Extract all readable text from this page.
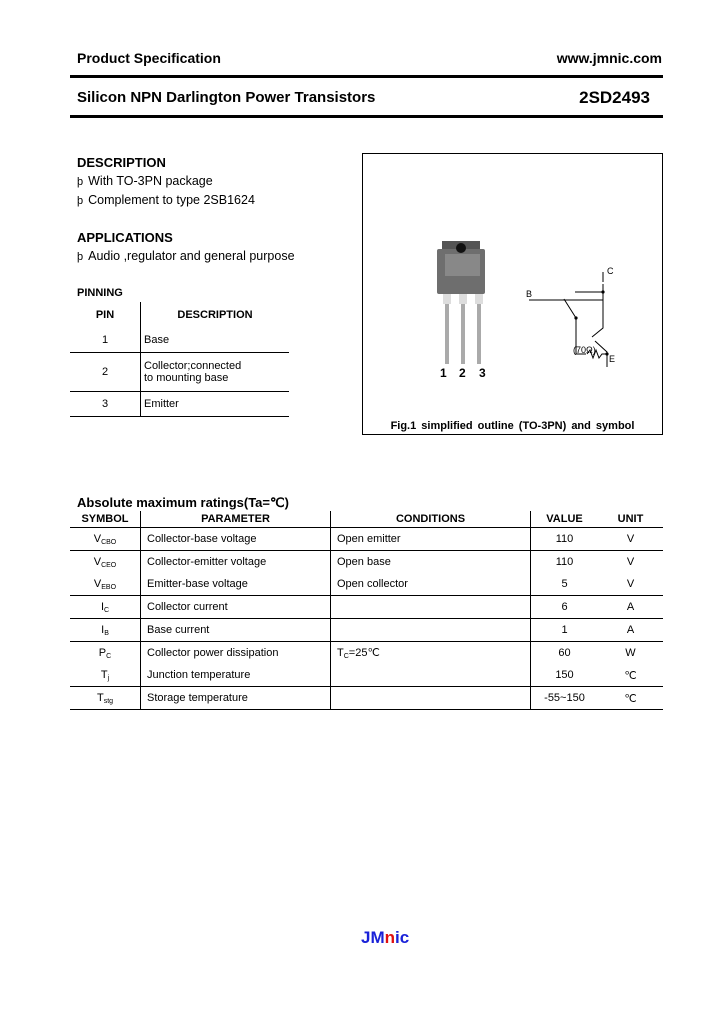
Product Specification	www.jmnic.com
Silicon NPN Darlington Power Transistors	2SD2493
DESCRIPTION
þ With TO-3PN package
þ Complement to type 2SB1624
APPLICATIONS
þ Audio ,regulator and general purpose
PINNING
PIN	DESCRIPTION
1	Base
2	Collector;connected to mounting base
3	Emitter
C
B
E
(70Ω)
1 2 3
Fig.1 simplified outline (TO-3PN) and symbol
Absolute maximum ratings(Ta=℃)
SYMBOL	PARAMETER	CONDITIONS	VALUE	UNIT
$V_{CBO}$	Collector-base voltage	Open emitter	110	V
$V_{CEO}$	Collector-emitter voltage	Open base	110	V
$V_{EBO}$	Emitter-base voltage	Open collector	5	V
$I_C$	Collector current		6	A
$I_B$	Base current		1	A
$P_C$	Collector power dissipation	$T_C=25℃$	60	W
$T_j$	Junction temperature		150	℃
$T_{stg}$	Storage temperature		-55~150	℃
JMnic
